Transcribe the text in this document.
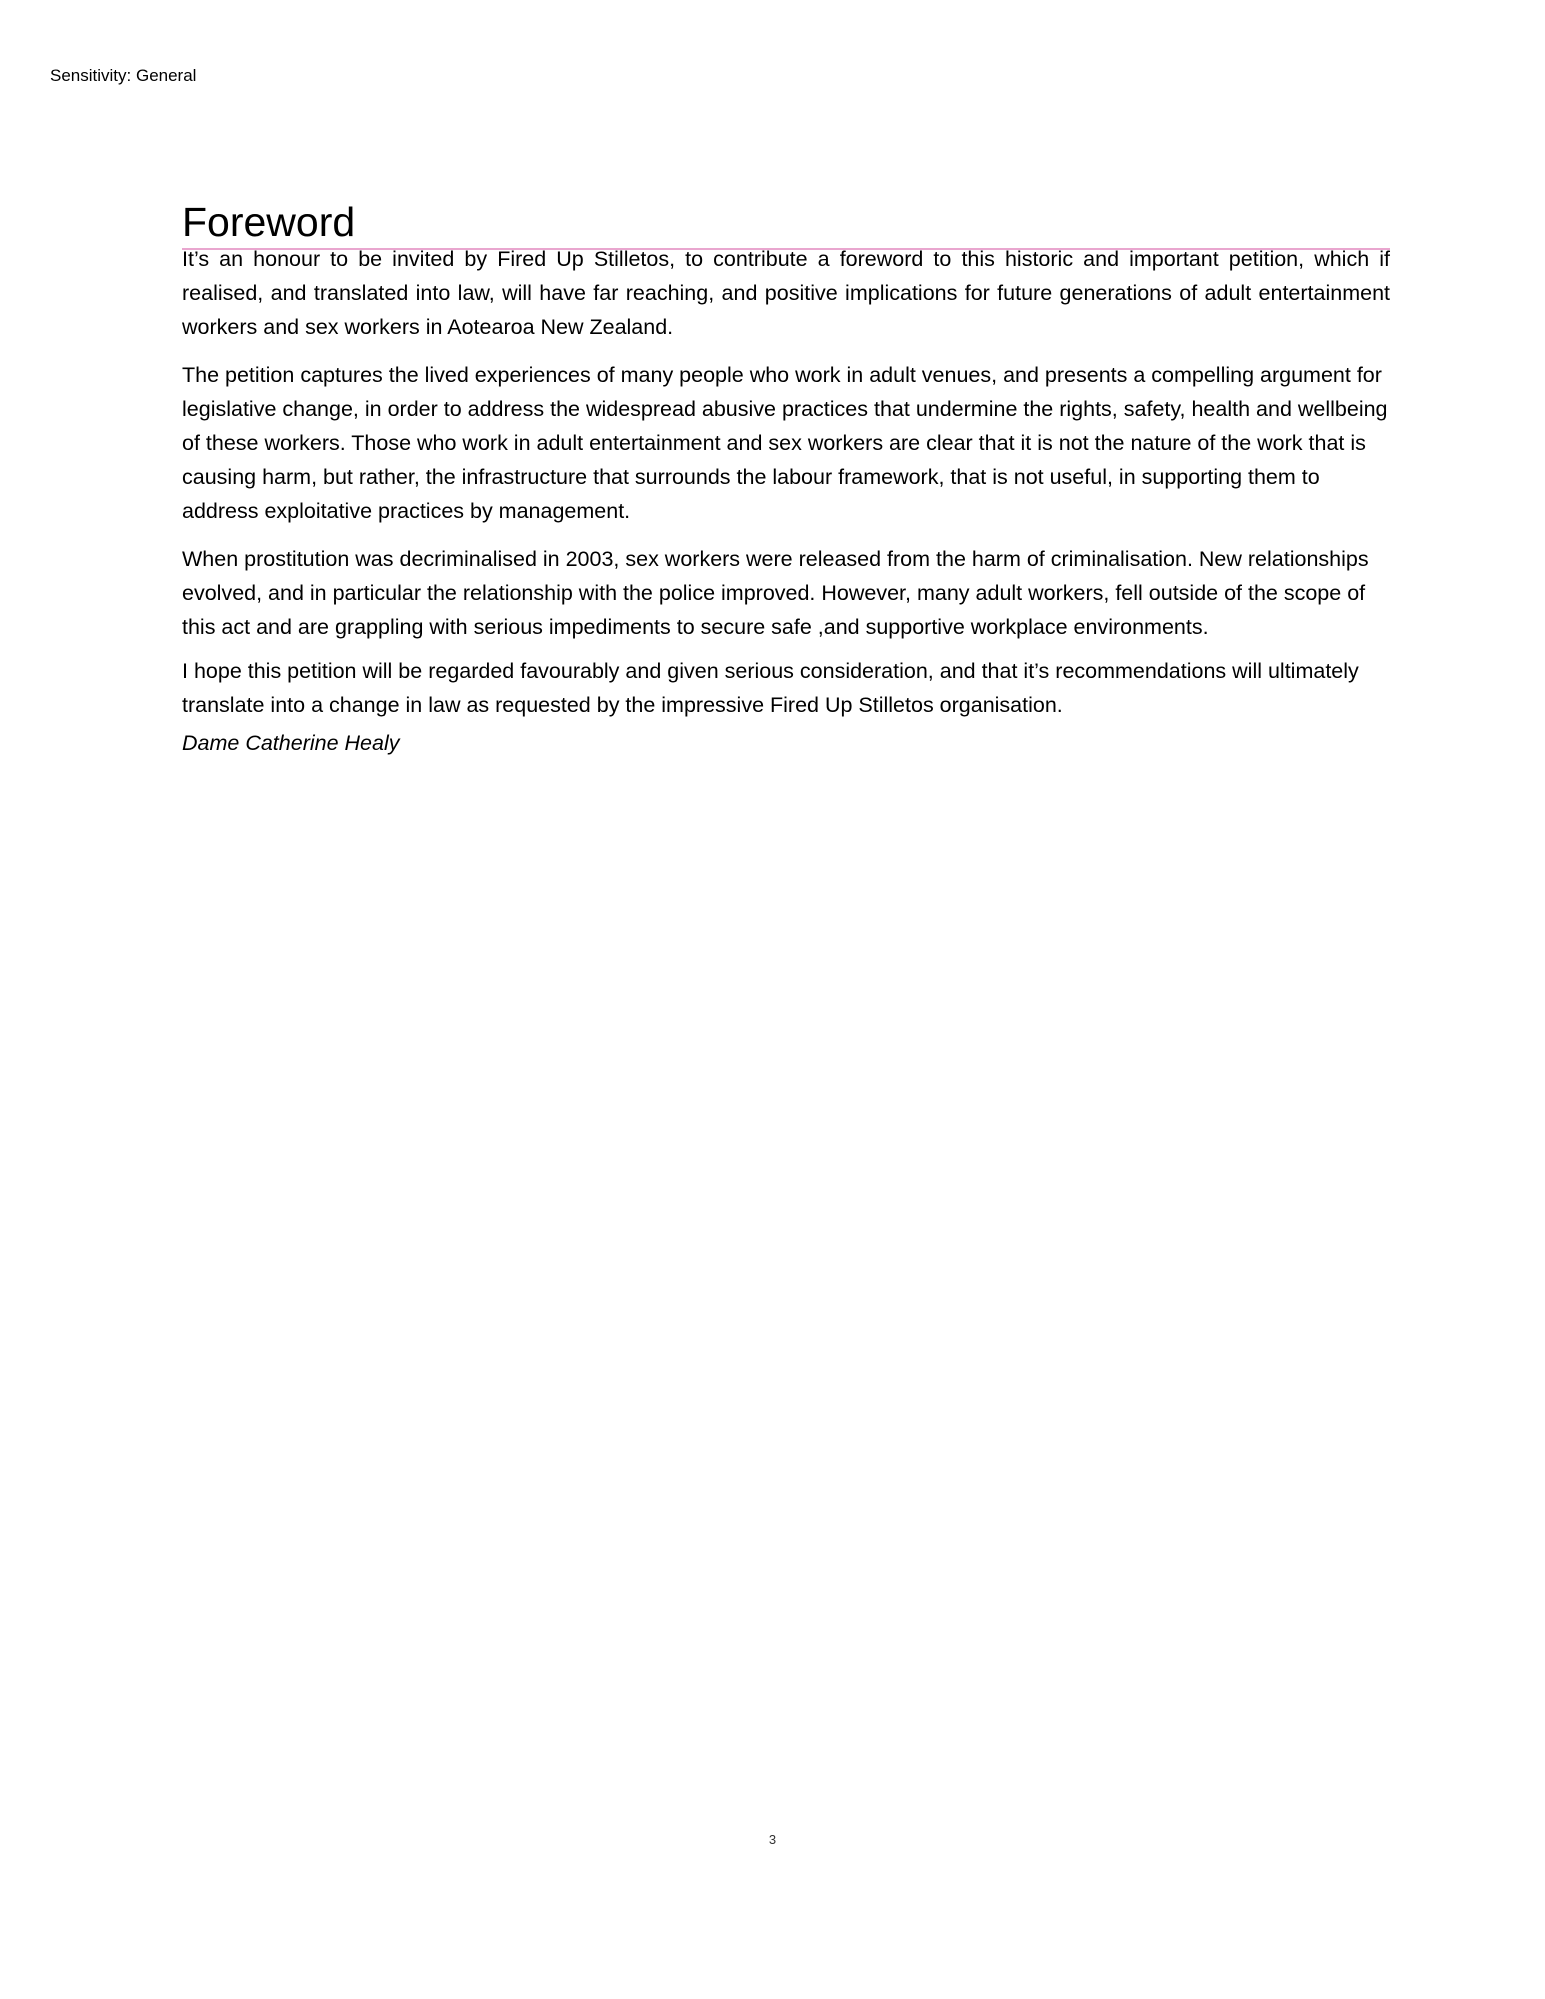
Sensitivity: General
Foreword

It’s an honour to be invited by Fired Up Stilletos, to contribute a foreword to this historic and important petition, which if realised, and translated into law, will have far reaching, and positive implications for future generations of adult entertainment workers and sex workers in Aotearoa New Zealand.

The petition captures the lived experiences of many people who work in adult venues, and presents a compelling argument for legislative change, in order to address the widespread abusive practices that undermine the rights, safety, health and wellbeing of these workers. Those who work in adult entertainment and sex workers are clear that it is not the nature of the work that is causing harm, but rather, the infrastructure that surrounds the labour framework, that is not useful, in supporting them to address exploitative practices by management.

When prostitution was decriminalised in 2003, sex workers were released from the harm of criminalisation. New relationships evolved, and in particular the relationship with the police improved. However, many adult workers, fell outside of the scope of this act and are grappling with serious impediments to secure safe ,and supportive workplace environments.

I hope this petition will be regarded favourably and given serious consideration, and that it’s recommendations will ultimately translate into a change in law as requested by the impressive Fired Up Stilletos organisation.

Dame Catherine Healy

3
